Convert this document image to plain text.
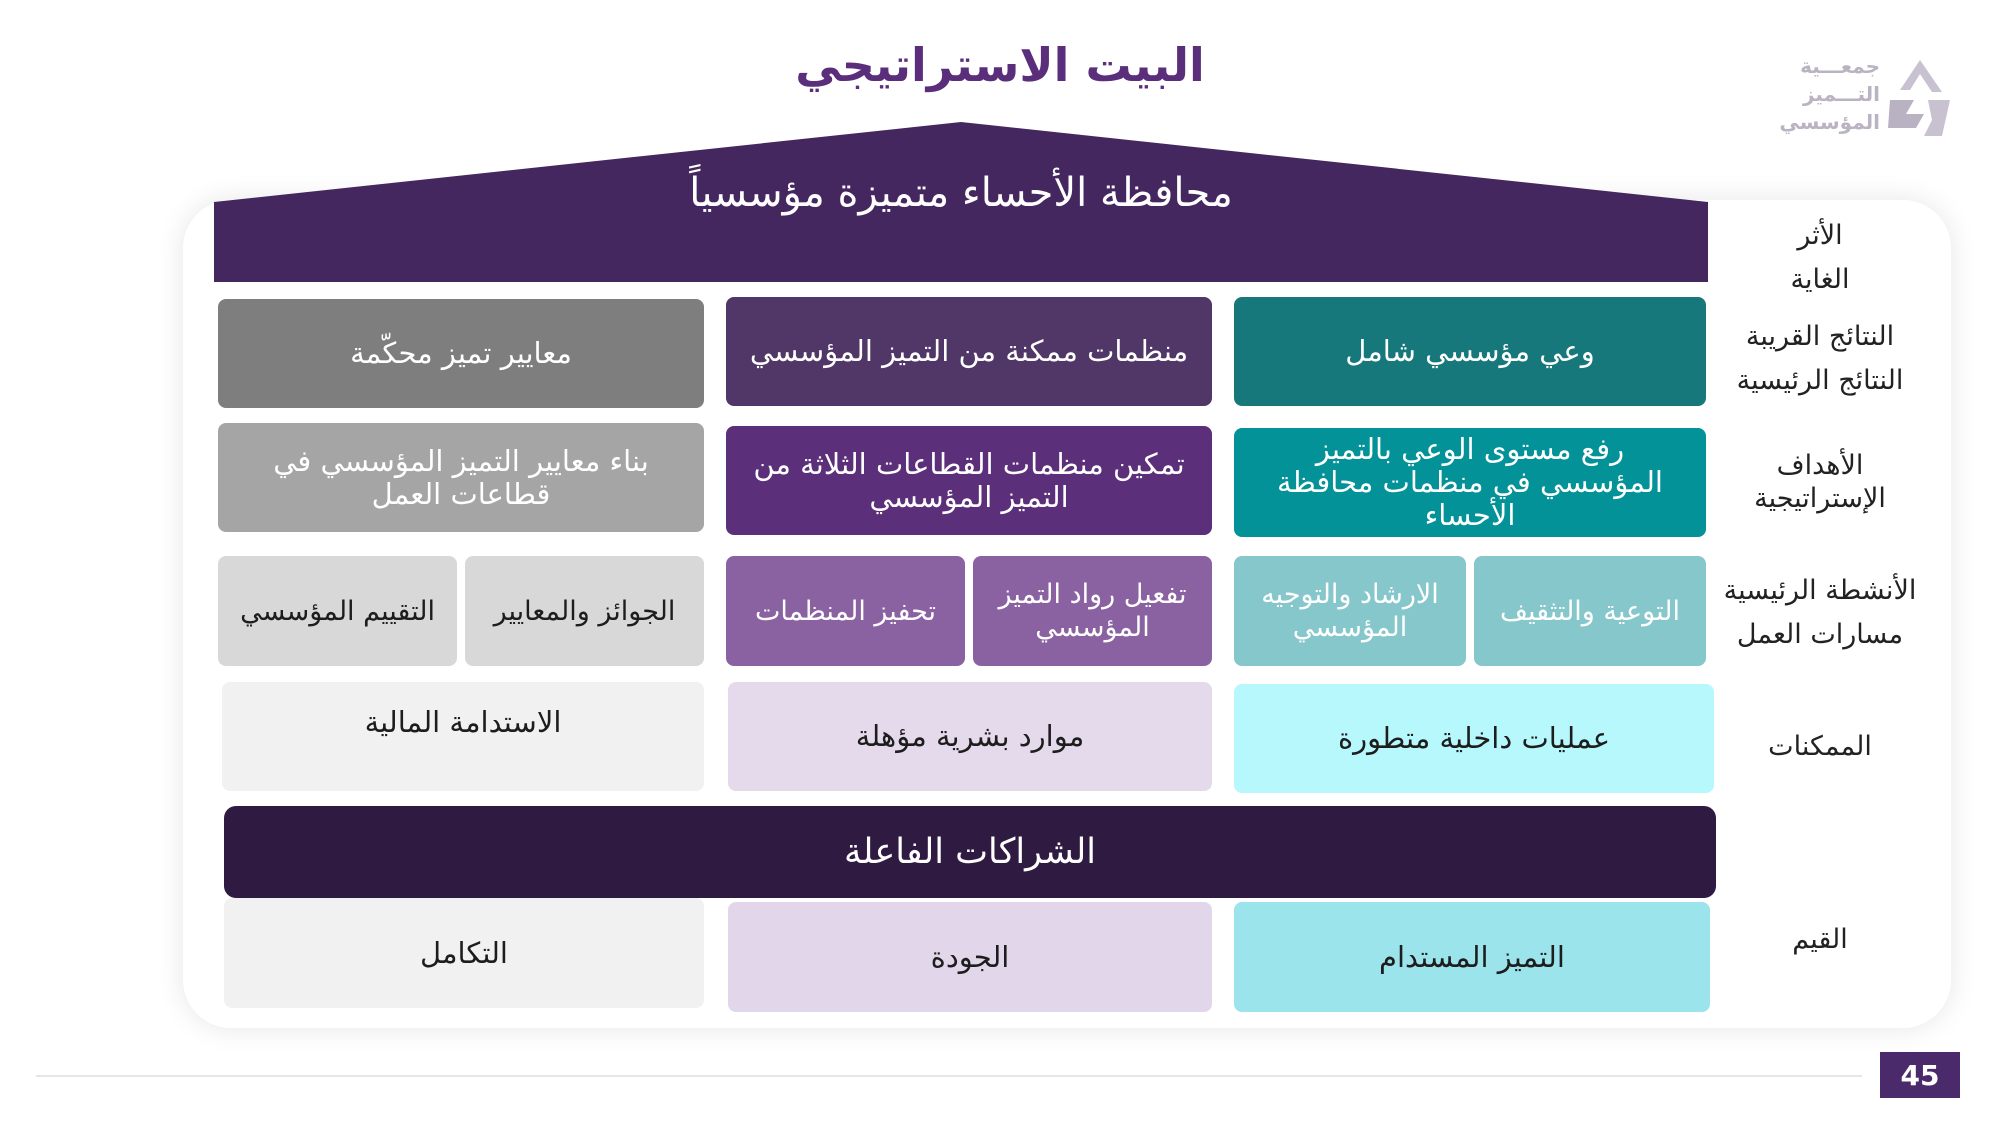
البيت الاستراتيجي	جمعـــية
التـــميز
المؤسسي
محافظة الأحساء متميزة مؤسسياً
الأثر
الغاية
النتائج القريبة
النتائج الرئيسية
الأهداف
الإستراتيجية
الأنشطة الرئيسية
مسارات العمل
الممكنات
القيم
وعي مؤسسي شامل
منظمات ممكنة من التميز المؤسسي
معايير تميز محكّمة
رفع مستوى الوعي بالتميز المؤسسي في منظمات محافظة الأحساء
تمكين منظمات القطاعات الثلاثة من التميز المؤسسي
بناء معايير التميز المؤسسي في قطاعات العمل
التوعية والتثقيف
الارشاد والتوجيه المؤسسي
تفعيل رواد التميز المؤسسي
تحفيز المنظمات
الجوائز والمعايير
التقييم المؤسسي
عمليات داخلية متطورة
موارد بشرية مؤهلة
الاستدامة المالية
الشراكات الفاعلة
التميز المستدام
الجودة
التكامل
45
